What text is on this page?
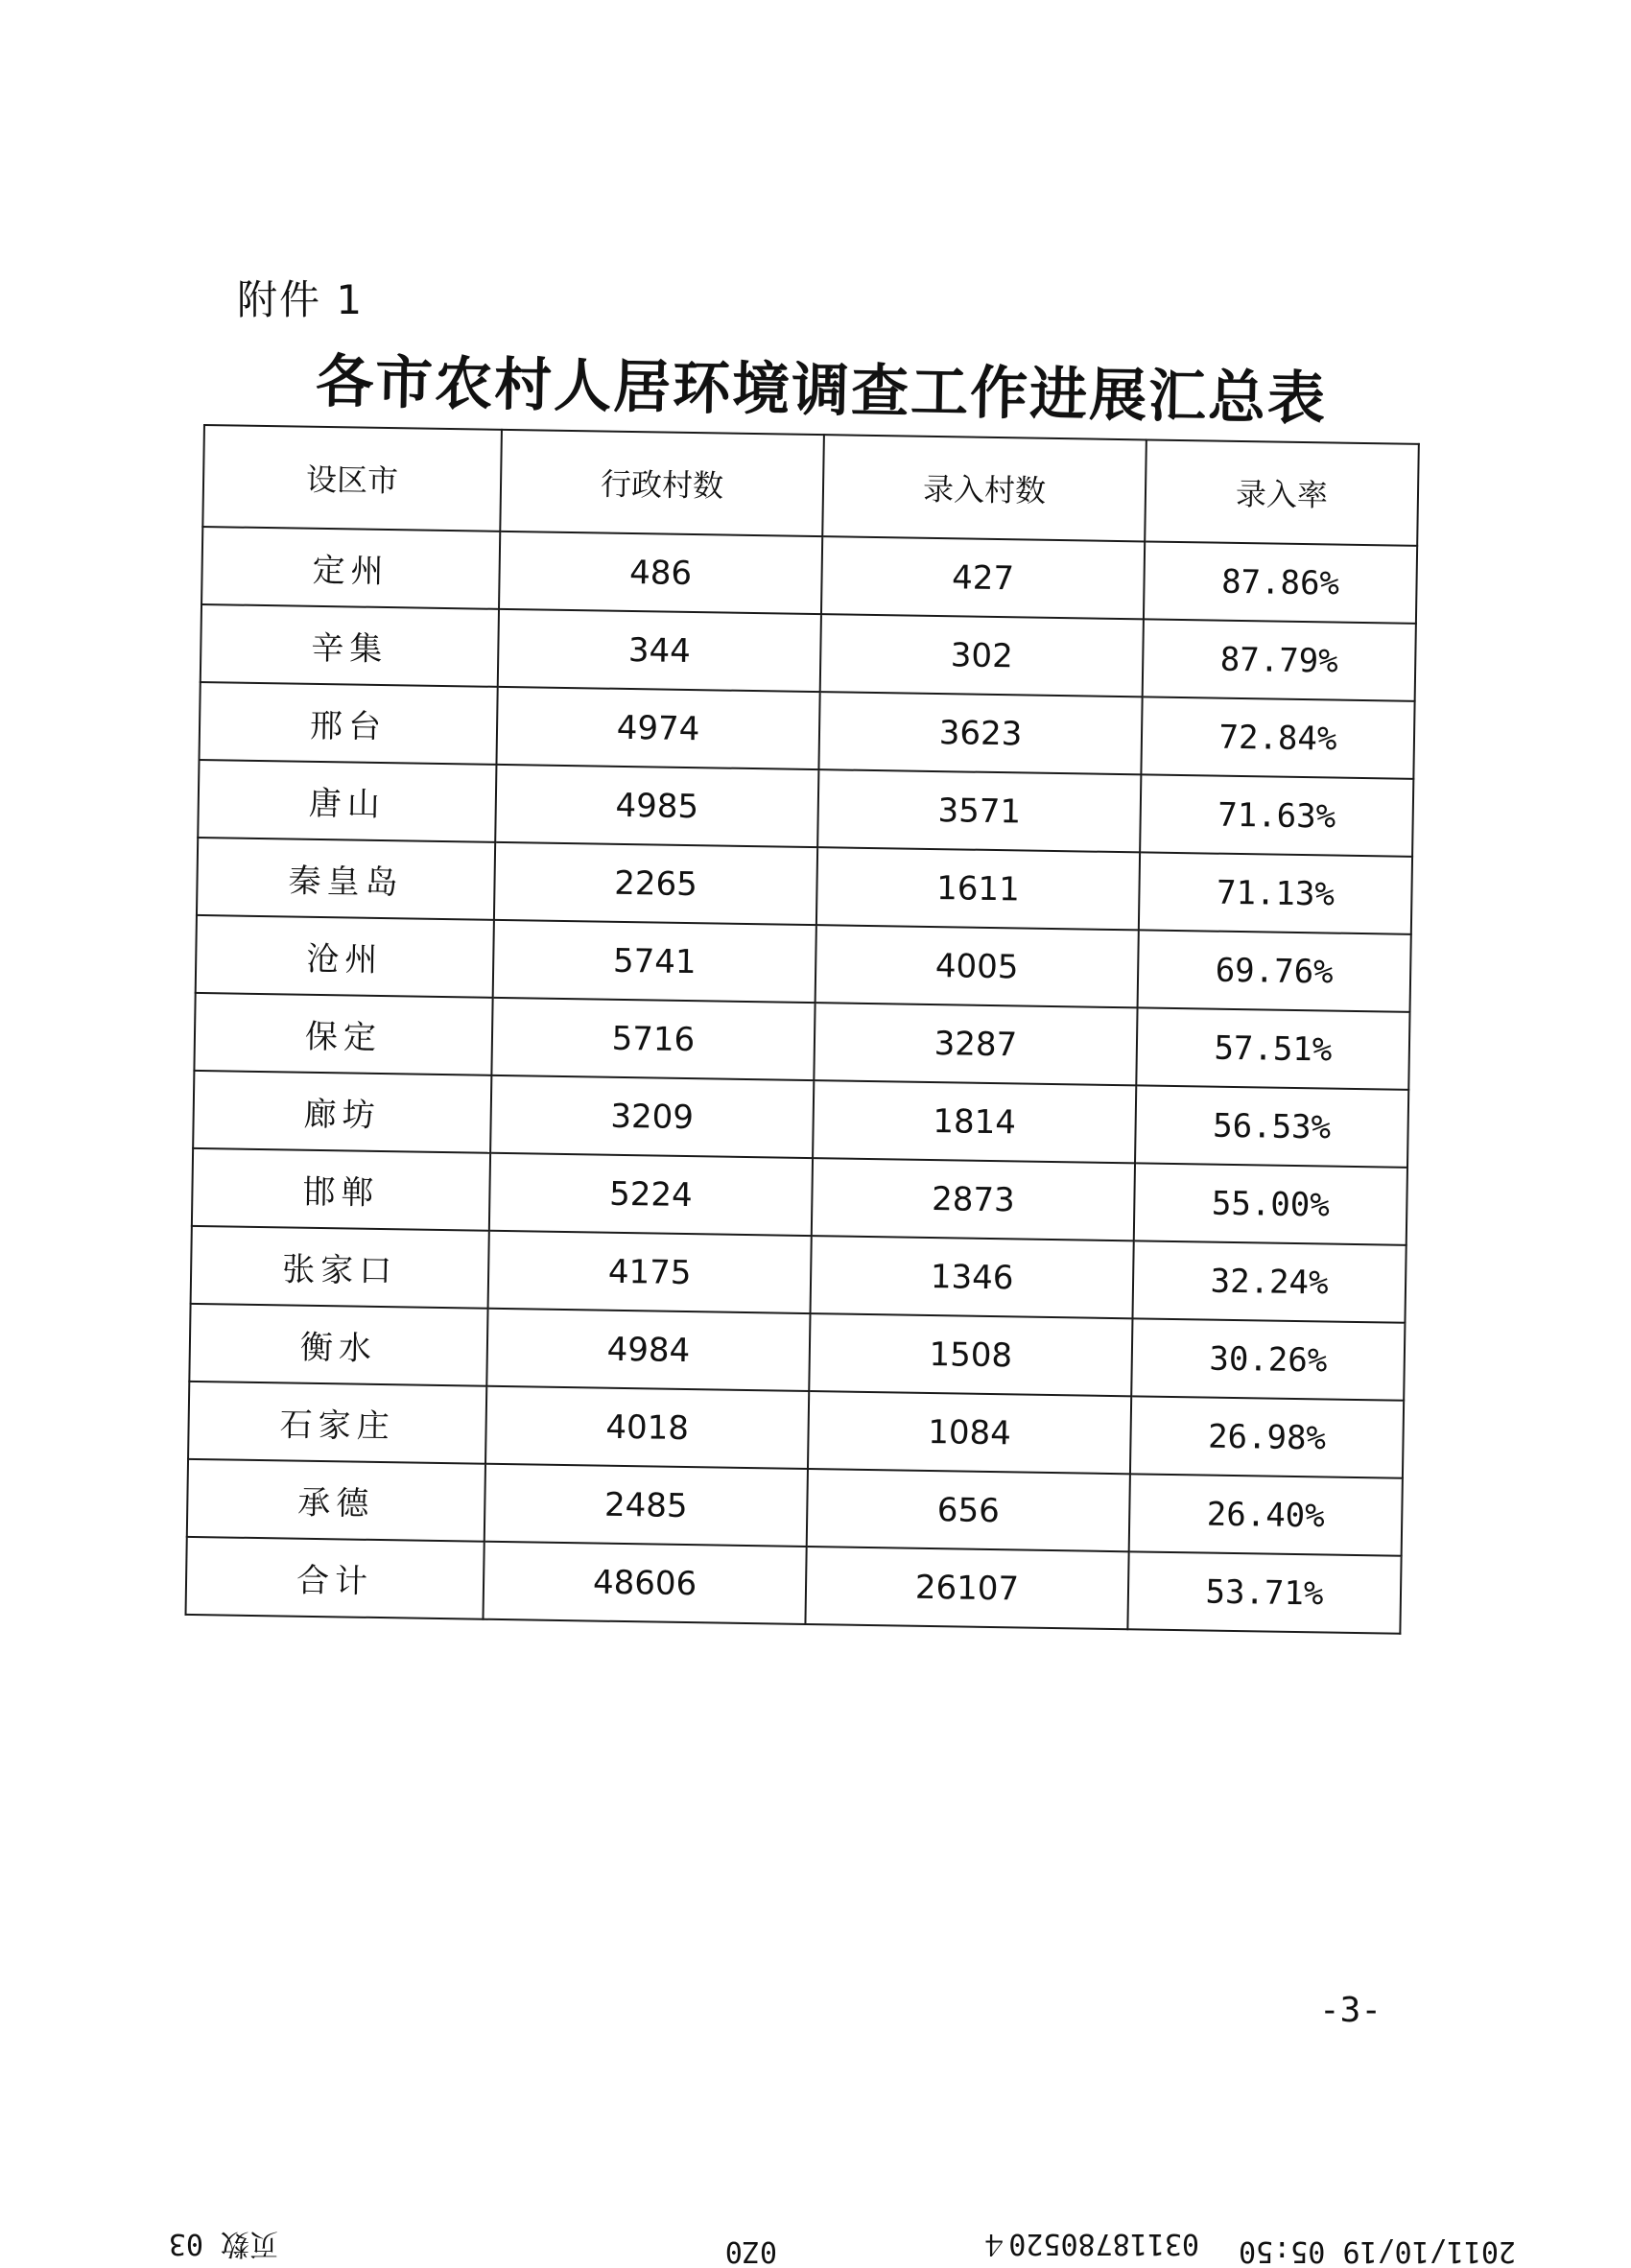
附件 1
各市农村人居环境调查工作进展汇总表
设区市	行政村数	录入村数	录入率
定州	486	427	87.86%
辛集	344	302	87.79%
邢台	4974	3623	72.84%
唐山	4985	3571	71.63%
秦皇岛	2265	1611	71.13%
沧州	5741	4005	69.76%
保定	5716	3287	57.51%
廊坊	3209	1814	56.53%
邯郸	5224	2873	55.00%
张家口	4175	1346	32.24%
衡水	4984	1508	30.26%
石家庄	4018	1084	26.98%
承德	2485	656	26.40%
合计	48606	26107	53.71%
-3-
2011/10/19 05:50
03118780520４
0Z0
页数 03
